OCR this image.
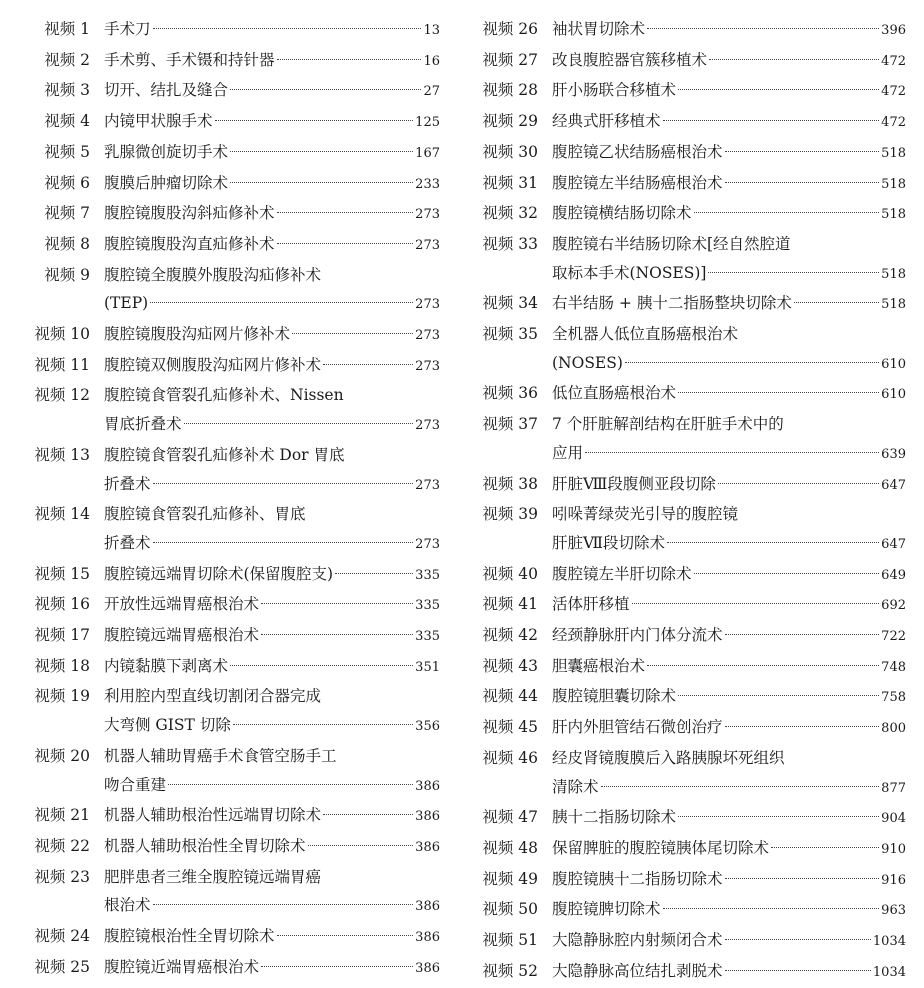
视频 1 手术刀	13
视频 2 手术剪、手术镊和持针器	16
视频 3 切开、结扎及缝合	27
视频 4 内镜甲状腺手术	125
视频 5 乳腺微创旋切手术	167
视频 6 腹膜后肿瘤切除术	233
视频 7 腹腔镜腹股沟斜疝修补术	273
视频 8 腹腔镜腹股沟直疝修补术	273
视频 9 腹腔镜全腹膜外腹股沟疝修补术
(TEP)	273
视频 10 腹腔镜腹股沟疝网片修补术	273
视频 11 腹腔镜双侧腹股沟疝网片修补术	273
视频 12 腹腔镜食管裂孔疝修补术、Nissen
胃底折叠术	273
视频 13 腹腔镜食管裂孔疝修补术 Dor 胃底
折叠术	273
视频 14 腹腔镜食管裂孔疝修补、胃底
折叠术	273
视频 15 腹腔镜远端胃切除术(保留腹腔支)	335
视频 16 开放性远端胃癌根治术	335
视频 17 腹腔镜远端胃癌根治术	335
视频 18 内镜黏膜下剥离术	351
视频 19 利用腔内型直线切割闭合器完成
大弯侧 GIST 切除	356
视频 20 机器人辅助胃癌手术食管空肠手工
吻合重建	386
视频 21 机器人辅助根治性远端胃切除术	386
视频 22 机器人辅助根治性全胃切除术	386
视频 23 肥胖患者三维全腹腔镜远端胃癌
根治术	386
视频 24 腹腔镜根治性全胃切除术	386
视频 25 腹腔镜近端胃癌根治术	386
视频 26 袖状胃切除术	396
视频 27 改良腹腔器官簇移植术	472
视频 28 肝小肠联合移植术	472
视频 29 经典式肝移植术	472
视频 30 腹腔镜乙状结肠癌根治术	518
视频 31 腹腔镜左半结肠癌根治术	518
视频 32 腹腔镜横结肠切除术	518
视频 33 腹腔镜右半结肠切除术[经自然腔道
取标本手术(NOSES)]	518
视频 34 右半结肠 + 胰十二指肠整块切除术	518
视频 35 全机器人低位直肠癌根治术
(NOSES)	610
视频 36 低位直肠癌根治术	610
视频 37 7 个肝脏解剖结构在肝脏手术中的
应用	639
视频 38 肝脏Ⅷ段腹侧亚段切除	647
视频 39 吲哚菁绿荧光引导的腹腔镜
肝脏Ⅶ段切除术	647
视频 40 腹腔镜左半肝切除术	649
视频 41 活体肝移植	692
视频 42 经颈静脉肝内门体分流术	722
视频 43 胆囊癌根治术	748
视频 44 腹腔镜胆囊切除术	758
视频 45 肝内外胆管结石微创治疗	800
视频 46 经皮肾镜腹膜后入路胰腺坏死组织
清除术	877
视频 47 胰十二指肠切除术	904
视频 48 保留脾脏的腹腔镜胰体尾切除术	910
视频 49 腹腔镜胰十二指肠切除术	916
视频 50 腹腔镜脾切除术	963
视频 51 大隐静脉腔内射频闭合术	1034
视频 52 大隐静脉高位结扎剥脱术	1034
